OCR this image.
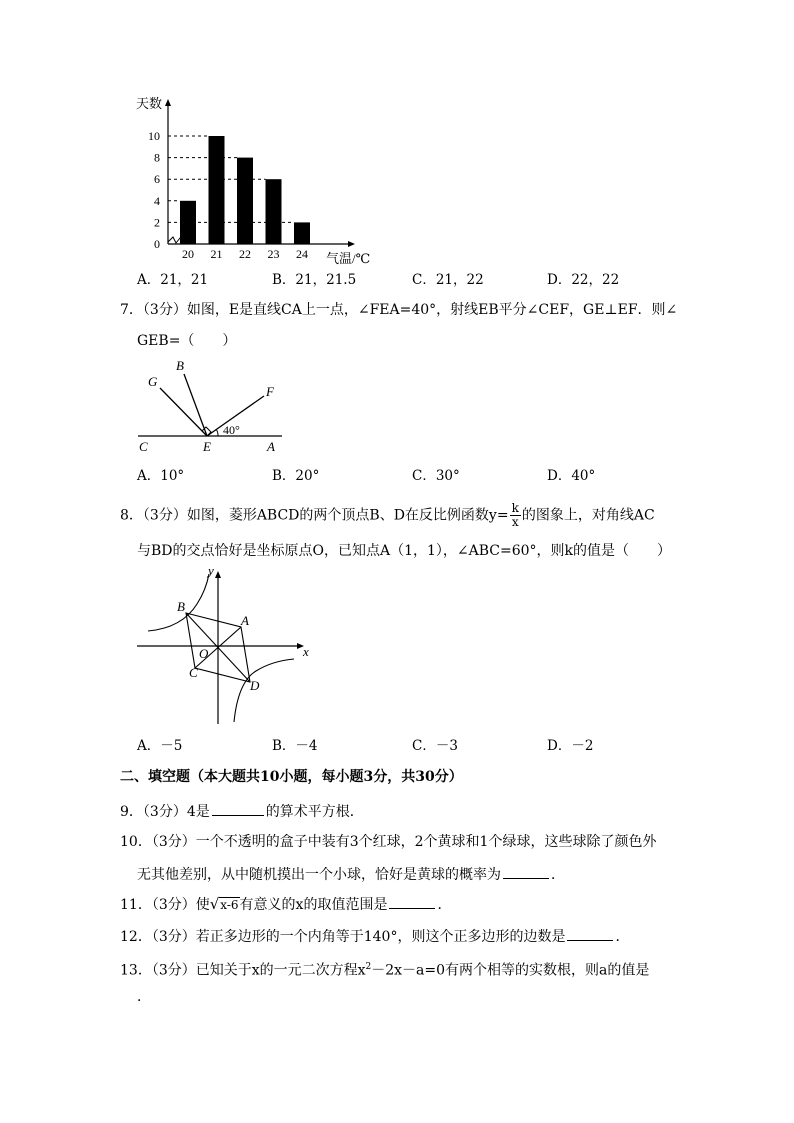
天数
气温/℃
0
2
4
6
8
10
20 21 22 23 24
A．21，21	B．21，21.5	C．21，22	D．22，22
7．（3分）如图，E是直线CA上一点，∠FEA=40°，射线EB平分∠CEF，GE⊥EF．则∠
GEB=（　　）
G
B
F
C	E	A
40°
A．10°	B．20°	C．30°	D．40°
8．（3分）如图，菱形ABCD的两个顶点B、D在反比例函数$y= \frac{k}{x}$ 的图象上，对角线AC
与BD的交点恰好是坐标原点O，已知点A（1，1），∠ABC=60°，则k的值是（　　）
y
x
B
A
O
C
D
A．－5	B．－4	C．－3	D．－2
二、填空题（本大题共10小题，每小题3分，共30分）
9．（3分）4是	的算术平方根．
10．（3分）一个不透明的盒子中装有3个红球，2个黄球和1个绿球，这些球除了颜色外
无其他差别，从中随机摸出一个小球，恰好是黄球的概率为	．
11．（3分）使√x-6有意义的x的取值范围是	．
12．（3分）若正多边形的一个内角等于140°，则这个正多边形的边数是	．
13．（3分）已知关于x的一元二次方程$x^2-2x-a=0$有两个相等的实数根，则a的值是
．
